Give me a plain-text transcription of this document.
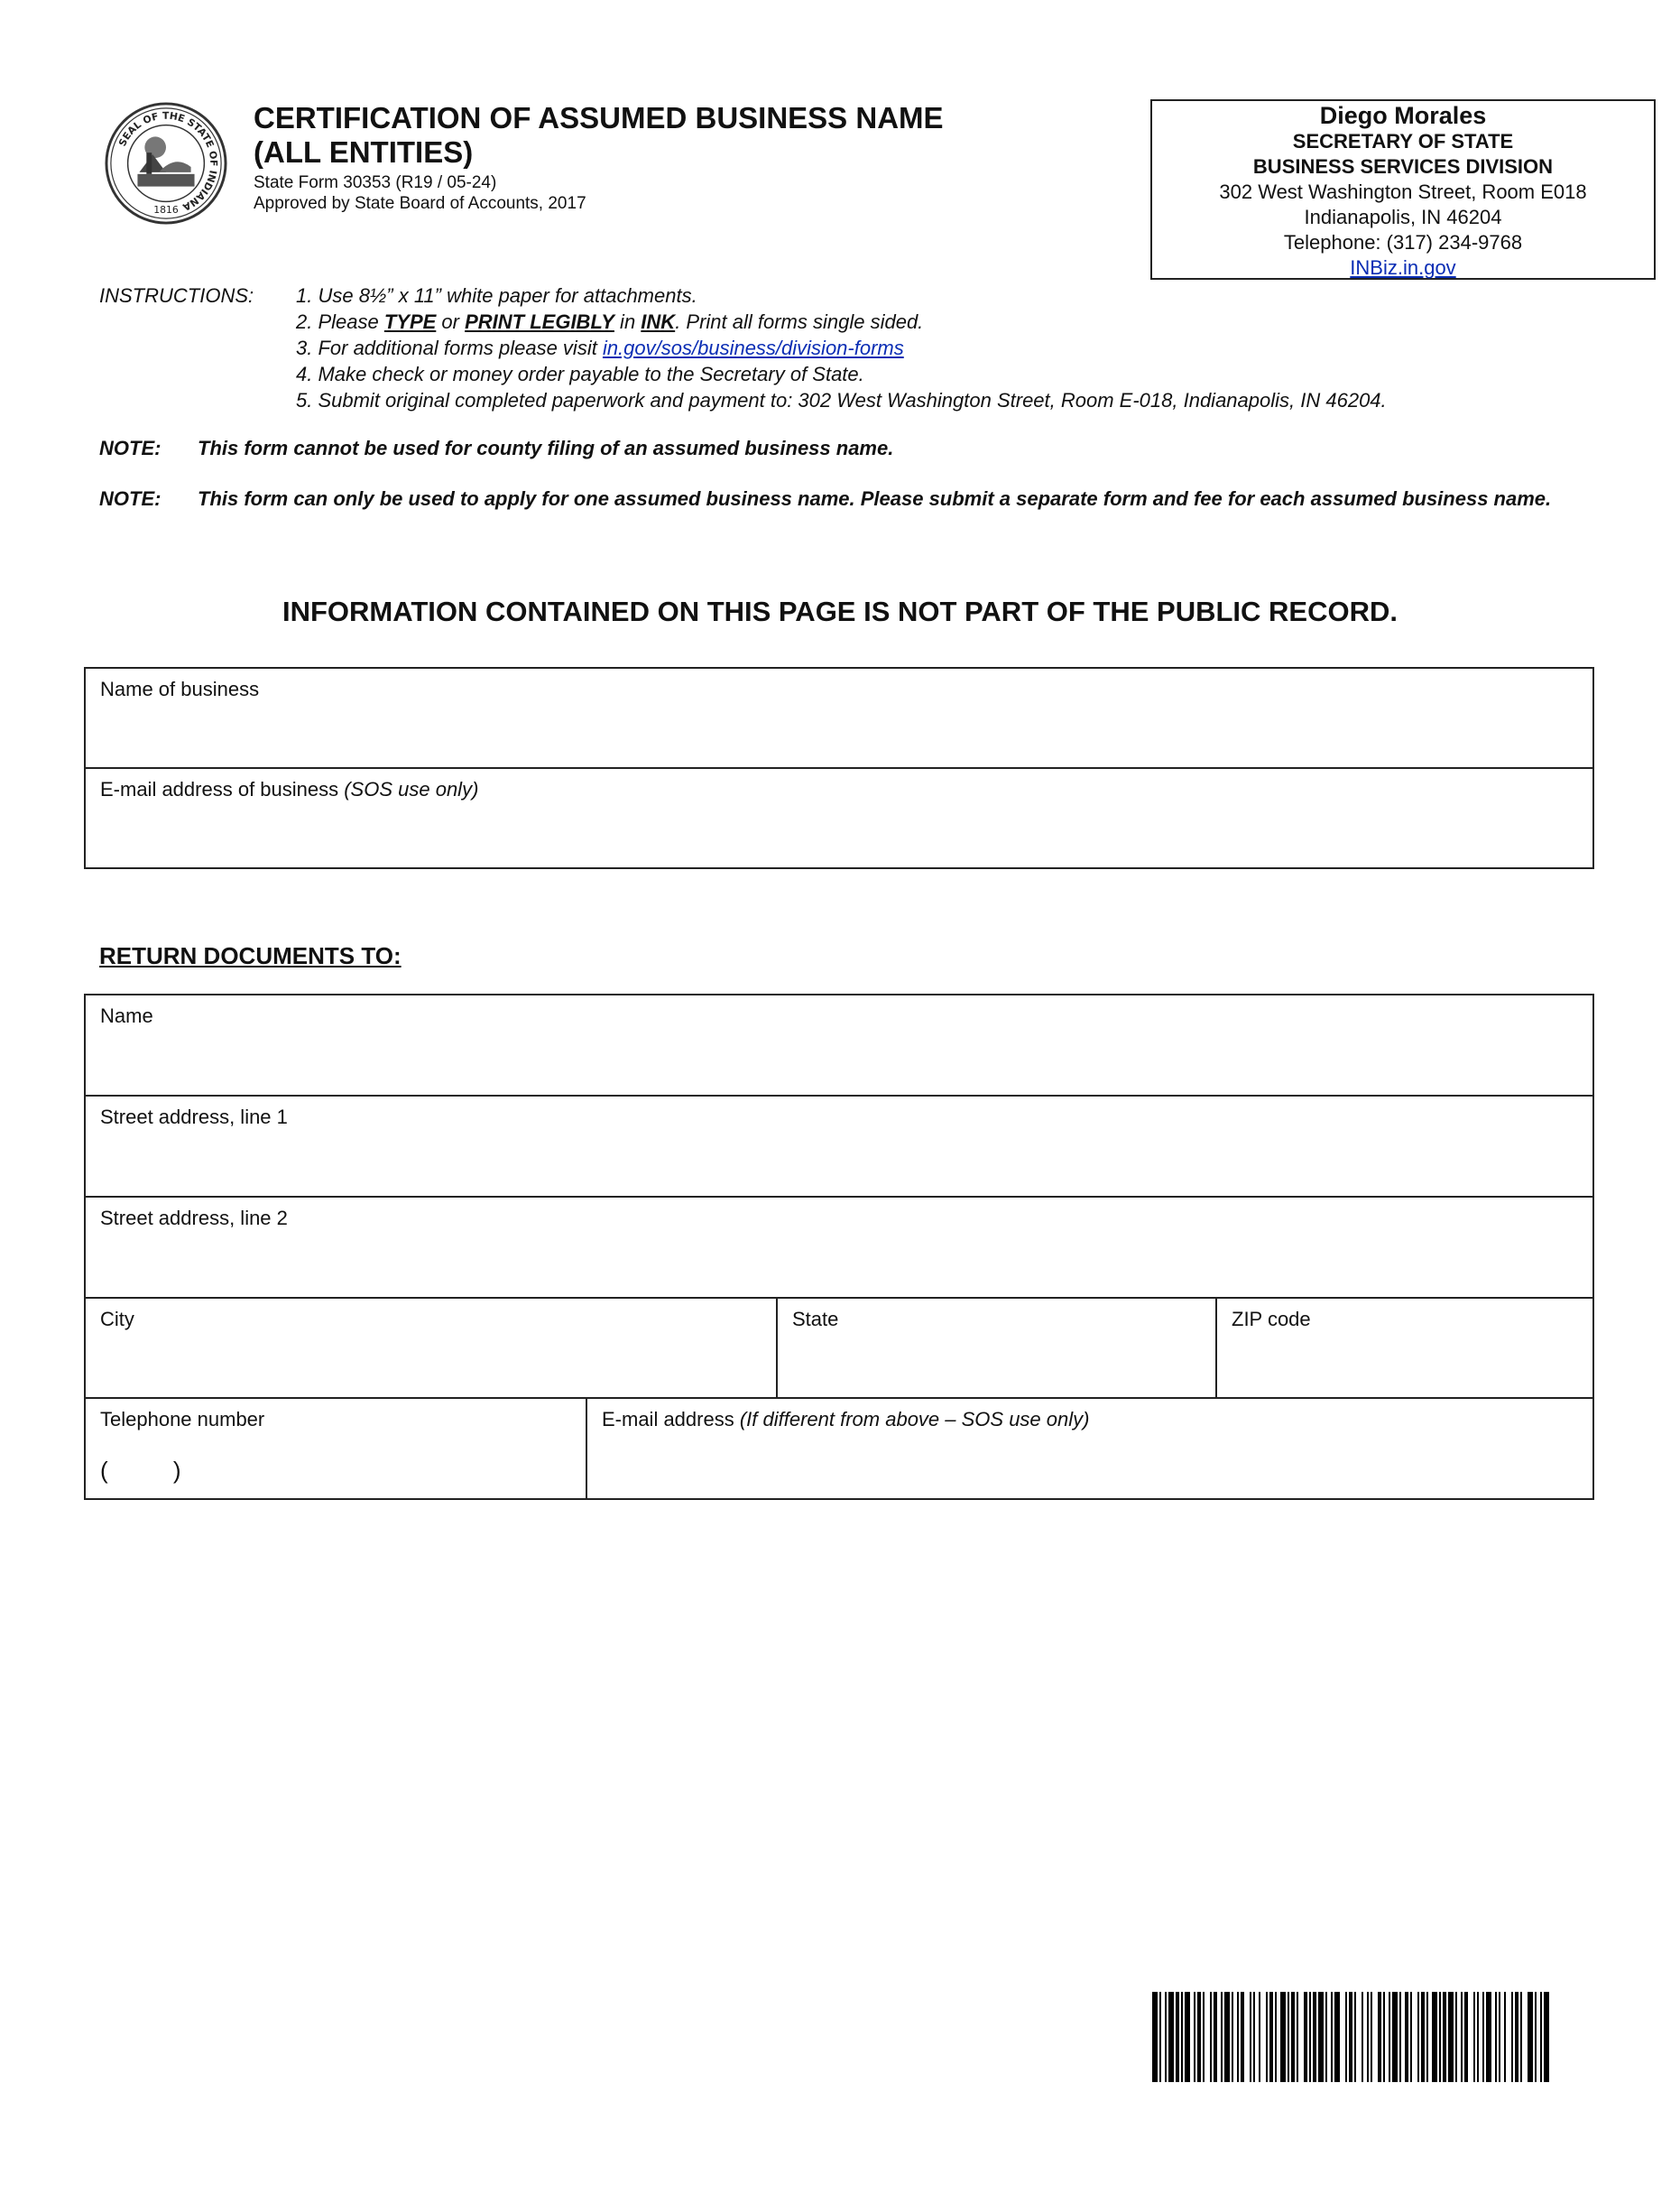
SEAL OF THE STATE OF INDIANA
1816
CERTIFICATION OF ASSUMED BUSINESS NAME
(ALL ENTITIES)
State Form 30353 (R19 / 05-24)
Approved by State Board of Accounts, 2017
Diego Morales
SECRETARY OF STATE
BUSINESS SERVICES DIVISION
302 West Washington Street, Room E018
Indianapolis, IN 46204
Telephone: (317) 234-9768
INBiz.in.gov
INSTRUCTIONS: 1. Use 8½” x 11” white paper for attachments.
2. Please TYPE or PRINT LEGIBLY in INK. Print all forms single sided.
3. For additional forms please visit in.gov/sos/business/division-forms
4. Make check or money order payable to the Secretary of State.
5. Submit original completed paperwork and payment to: 302 West Washington Street, Room E-018, Indianapolis, IN 46204.
NOTE: This form cannot be used for county filing of an assumed business name.
NOTE: This form can only be used to apply for one assumed business name. Please submit a separate form and fee for each assumed business name.
INFORMATION CONTAINED ON THIS PAGE IS NOT PART OF THE PUBLIC RECORD.
Name of business
E-mail address of business (SOS use only)
RETURN DOCUMENTS TO:
Name
Street address, line 1
Street address, line 2
City	State	ZIP code
Telephone number
(          )
E-mail address (If different from above – SOS use only)
